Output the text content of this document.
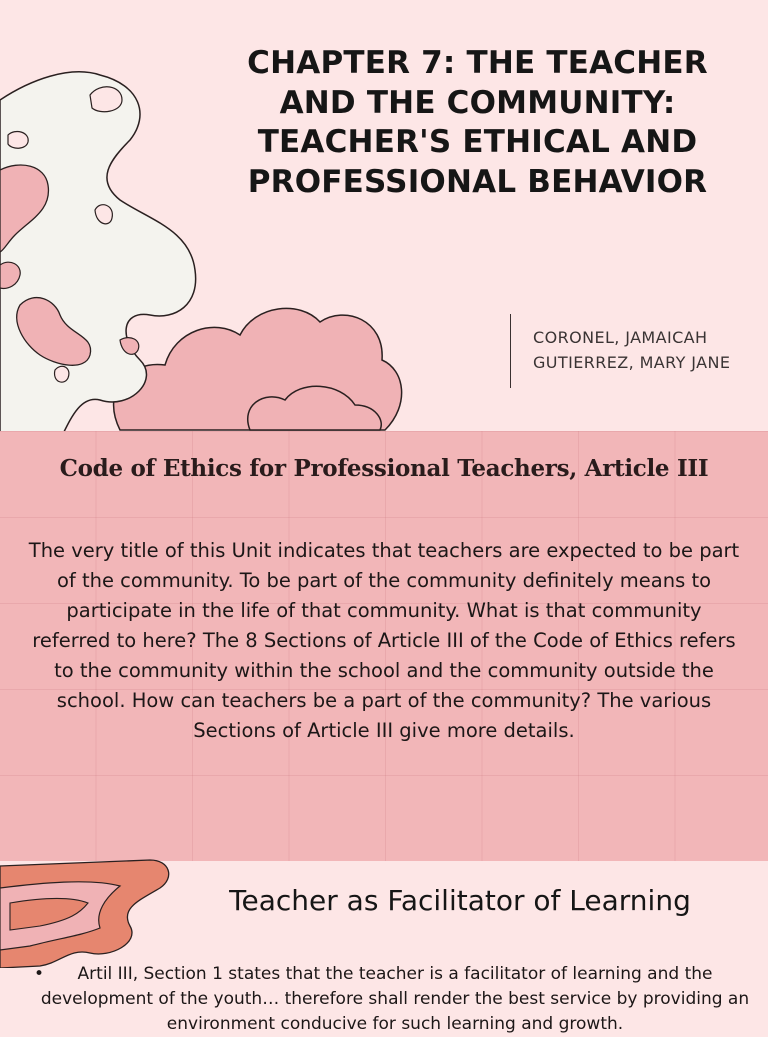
CHAPTER 7: THE TEACHER AND THE COMMUNITY: TEACHER'S ETHICAL AND PROFESSIONAL BEHAVIOR
CORONEL, JAMAICAH
GUTIERREZ, MARY JANE
Code of Ethics for Professional Teachers, Article III

The very title of this Unit indicates that teachers are expected to be part of the community. To be part of the community definitely means to participate in the life of that community. What is that community referred to here? The 8 Sections of Article III of the Code of Ethics refers to the community within the school and the community outside the school. How can teachers be a part of the community? The various Sections of Article III give more details.

Teacher as Facilitator of Learning
• Artil III, Section 1 states that the teacher is a facilitator of learning and the development of the youth… therefore shall render the best service by providing an environment conducive for such learning and growth.
